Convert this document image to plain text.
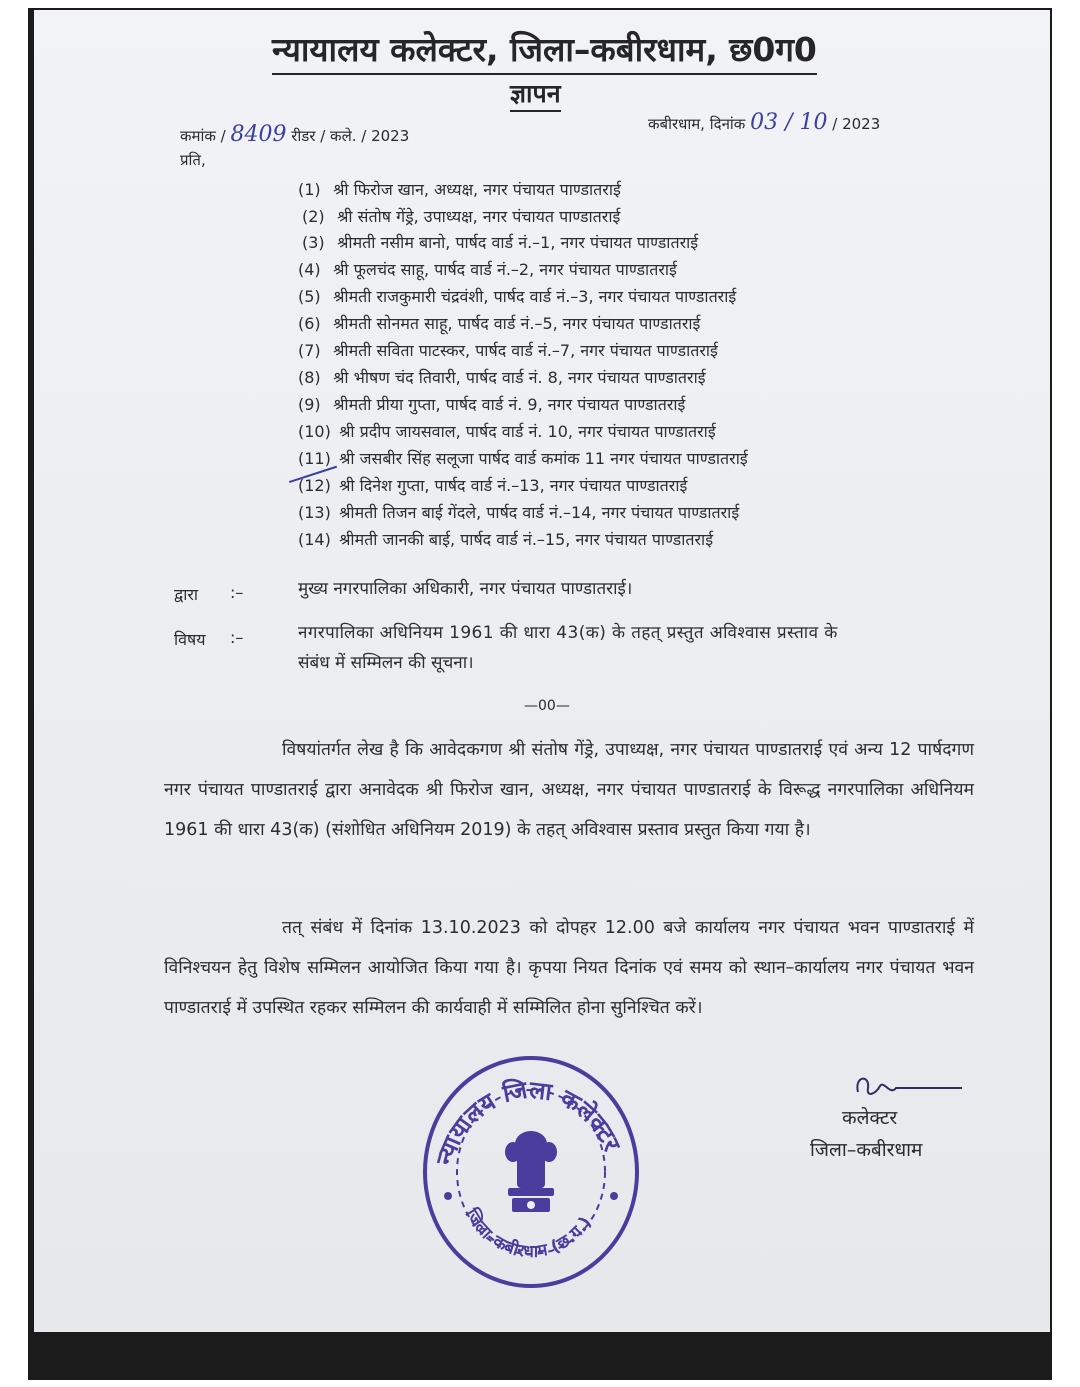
न्यायालय कलेक्टर, जिला–कबीरधाम, छ0ग0
ज्ञापन
कमांक / 8409 रीडर / कले. / 2023
कबीरधाम, दिनांक 03 / 10 / 2023
प्रति,
(1) श्री फिरोज खान, अध्यक्ष, नगर पंचायत पाण्डातराई
(2) श्री संतोष गेंड्रे, उपाध्यक्ष, नगर पंचायत पाण्डातराई
(3) श्रीमती नसीम बानो, पार्षद वार्ड नं.–1, नगर पंचायत पाण्डातराई
(4) श्री फूलचंद साहू, पार्षद वार्ड नं.–2, नगर पंचायत पाण्डातराई
(5) श्रीमती राजकुमारी चंद्रवंशी, पार्षद वार्ड नं.–3, नगर पंचायत पाण्डातराई
(6) श्रीमती सोनमत साहू, पार्षद वार्ड नं.–5, नगर पंचायत पाण्डातराई
(7) श्रीमती सविता पाटस्कर, पार्षद वार्ड नं.–7, नगर पंचायत पाण्डातराई
(8) श्री भीषण चंद तिवारी, पार्षद वार्ड नं. 8, नगर पंचायत पाण्डातराई
(9) श्रीमती प्रीया गुप्ता, पार्षद वार्ड नं. 9, नगर पंचायत पाण्डातराई
(10) श्री प्रदीप जायसवाल, पार्षद वार्ड नं. 10, नगर पंचायत पाण्डातराई
(11) श्री जसबीर सिंह सलूजा पार्षद वार्ड कमांक 11 नगर पंचायत पाण्डातराई
(12) श्री दिनेश गुप्ता, पार्षद वार्ड नं.–13, नगर पंचायत पाण्डातराई
(13) श्रीमती तिजन बाई गेंदले, पार्षद वार्ड नं.–14, नगर पंचायत पाण्डातराई
(14) श्रीमती जानकी बाई, पार्षद वार्ड नं.–15, नगर पंचायत पाण्डातराई
द्वारा :–	मुख्य नगरपालिका अधिकारी, नगर पंचायत पाण्डातराई।
विषय :–	नगरपालिका अधिनियम 1961 की धारा 43(क) के तहत् प्रस्तुत अविश्वास प्रस्ताव के
संबंध में सम्मिलन की सूचना।
—00—
विषयांतर्गत लेख है कि आवेदकगण श्री संतोष गेंड्रे, उपाध्यक्ष, नगर पंचायत पाण्डातराई एवं अन्य 12 पार्षदगण नगर पंचायत पाण्डातराई द्वारा अनावेदक श्री फिरोज खान, अध्यक्ष, नगर पंचायत पाण्डातराई के विरूद्ध नगरपालिका अधिनियम 1961 की धारा 43(क) (संशोधित अधिनियम 2019) के तहत् अविश्वास प्रस्ताव प्रस्तुत किया गया है।
तत् संबंध में दिनांक 13.10.2023 को दोपहर 12.00 बजे कार्यालय नगर पंचायत भवन पाण्डातराई में विनिश्चयन हेतु विशेष सम्मिलन आयोजित किया गया है। कृपया नियत दिनांक एवं समय को स्थान–कार्यालय नगर पंचायत भवन पाण्डातराई में उपस्थित रहकर सम्मिलन की कार्यवाही में सम्मिलित होना सुनिश्चित करें।
न्यायालय जिला कलेक्टर
जिला–कबीरधाम (छ.ग.)
कलेक्टर
जिला–कबीरधाम
